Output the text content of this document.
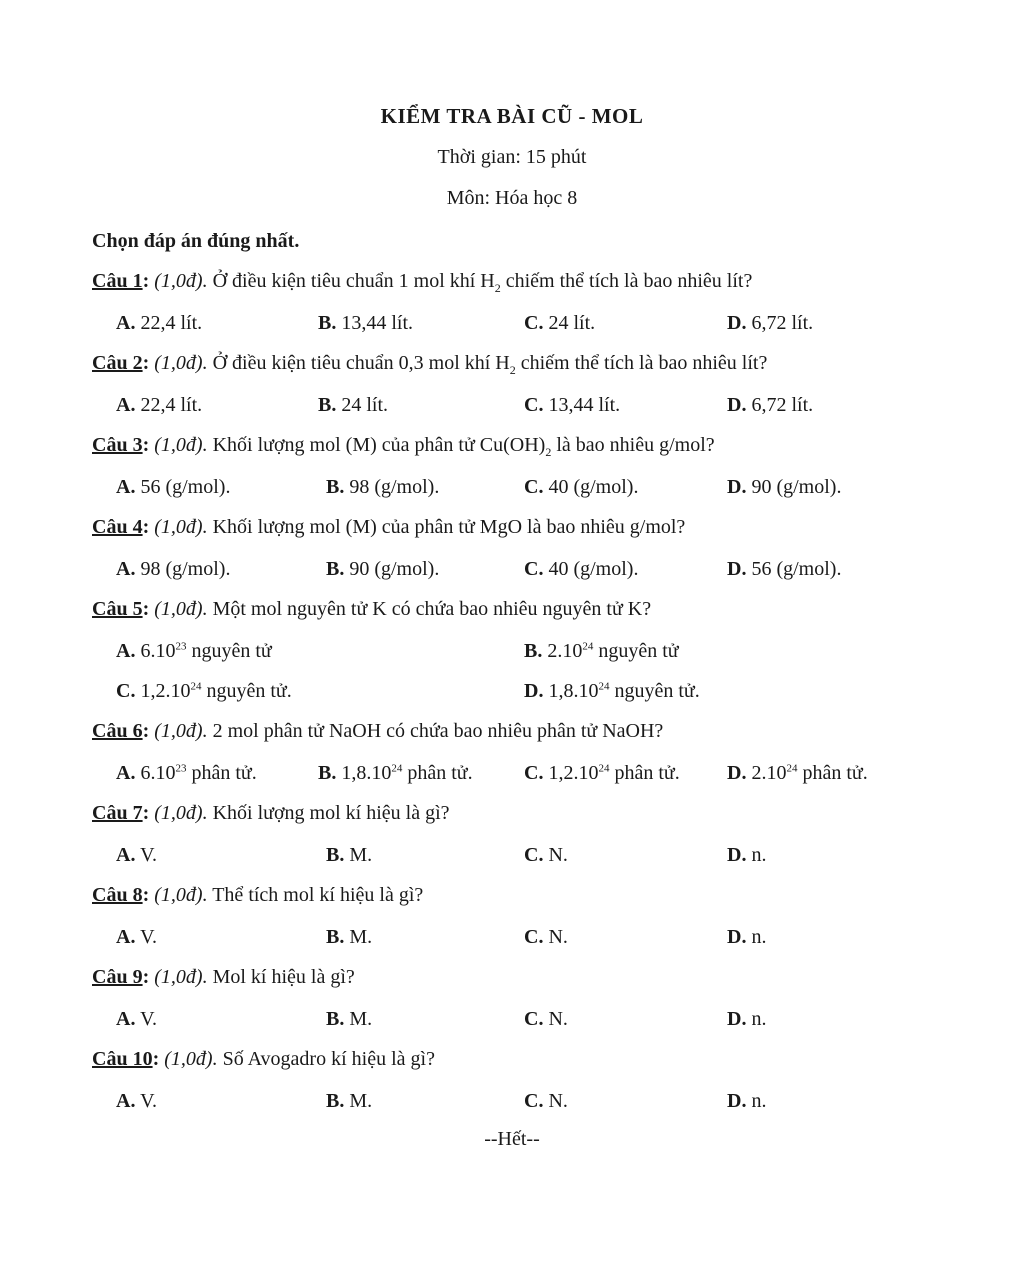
KIỂM TRA BÀI CŨ - MOL
Thời gian: 15 phút
Môn: Hóa học 8
Chọn đáp án đúng nhất.
Câu 1: (1,0đ). Ở điều kiện tiêu chuẩn 1 mol khí $H_2$ chiếm thể tích là bao nhiêu lít?
A. 22,4 lít.	B. 13,44 lít.	C. 24 lít.	D. 6,72 lít.
Câu 2: (1,0đ). Ở điều kiện tiêu chuẩn 0,3 mol khí $H_2$ chiếm thể tích là bao nhiêu lít?
A. 22,4 lít.	B. 24 lít.	C. 13,44 lít.	D. 6,72 lít.
Câu 3: (1,0đ). Khối lượng mol (M) của phân tử $Cu(OH)_2$ là bao nhiêu g/mol?
A. 56 (g/mol).	B. 98 (g/mol).	C. 40 (g/mol).	D. 90 (g/mol).
Câu 4: (1,0đ). Khối lượng mol (M) của phân tử MgO là bao nhiêu g/mol?
A. 98 (g/mol).	B. 90 (g/mol).	C. 40 (g/mol).	D. 56 (g/mol).
Câu 5: (1,0đ). Một mol nguyên tử K có chứa bao nhiêu nguyên tử K?
A. 6.10$^{23}$ nguyên tử	B. 2.10$^{24}$ nguyên tử
C. 1,2.10$^{24}$ nguyên tử.	D. 1,8.10$^{24}$ nguyên tử.
Câu 6: (1,0đ). 2 mol phân tử NaOH có chứa bao nhiêu phân tử NaOH?
A. 6.10$^{23}$ phân tử.	B. 1,8.10$^{24}$ phân tử.	C. 1,2.10$^{24}$ phân tử. D. 2.10$^{24}$ phân tử.
Câu 7: (1,0đ). Khối lượng mol kí hiệu là gì?
A. V.	B. M.	C. N.	D. n.
Câu 8: (1,0đ). Thể tích mol kí hiệu là gì?
A. V.	B. M.	C. N.	D. n.
Câu 9: (1,0đ). Mol kí hiệu là gì?
A. V.	B. M.	C. N.	D. n.
Câu 10: (1,0đ). Số Avogadro kí hiệu là gì?
A. V.	B. M.	C. N.	D. n.
--Hết--
